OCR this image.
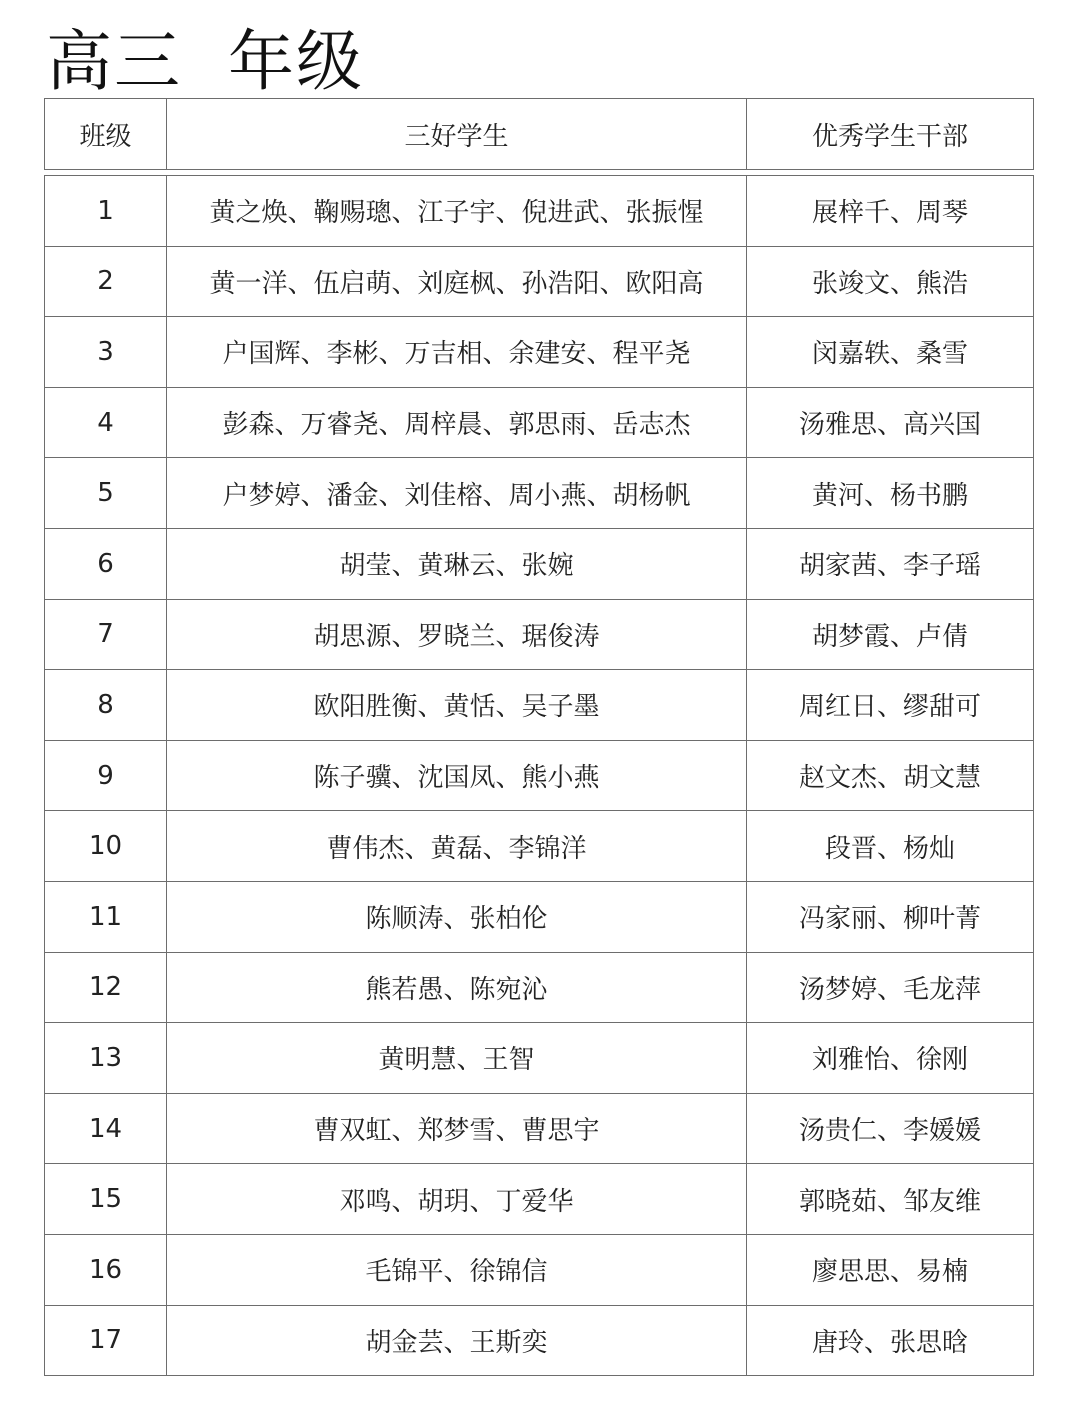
高三  年级
班级	三好学生	优秀学生干部
1	黄之焕、鞠赐璁、江子宇、倪进武、张振惺	展梓千、周琴
2	黄一洋、伍启萌、刘庭枫、孙浩阳、欧阳高	张竣文、熊浩
3	户国辉、李彬、万吉相、余建安、程平尧	闵嘉轶、桑雪
4	彭森、万睿尧、周梓晨、郭思雨、岳志杰	汤雅思、高兴国
5	户梦婷、潘金、刘佳榕、周小燕、胡杨帆	黄河、杨书鹏
6	胡莹、黄琳云、张婉	胡家茜、李子瑶
7	胡思源、罗晓兰、琚俊涛	胡梦霞、卢倩
8	欧阳胜衡、黄恬、吴子墨	周红日、缪甜可
9	陈子骥、沈国凤、熊小燕	赵文杰、胡文慧
10	曹伟杰、黄磊、李锦洋	段晋、杨灿
11	陈顺涛、张柏伦	冯家丽、柳叶菁
12	熊若愚、陈宛沁	汤梦婷、毛龙萍
13	黄明慧、王智	刘雅怡、徐刚
14	曹双虹、郑梦雪、曹思宇	汤贵仁、李媛媛
15	邓鸣、胡玥、丁爱华	郭晓茹、邹友维
16	毛锦平、徐锦信	廖思思、易楠
17	胡金芸、王斯奕	唐玲、张思晗
